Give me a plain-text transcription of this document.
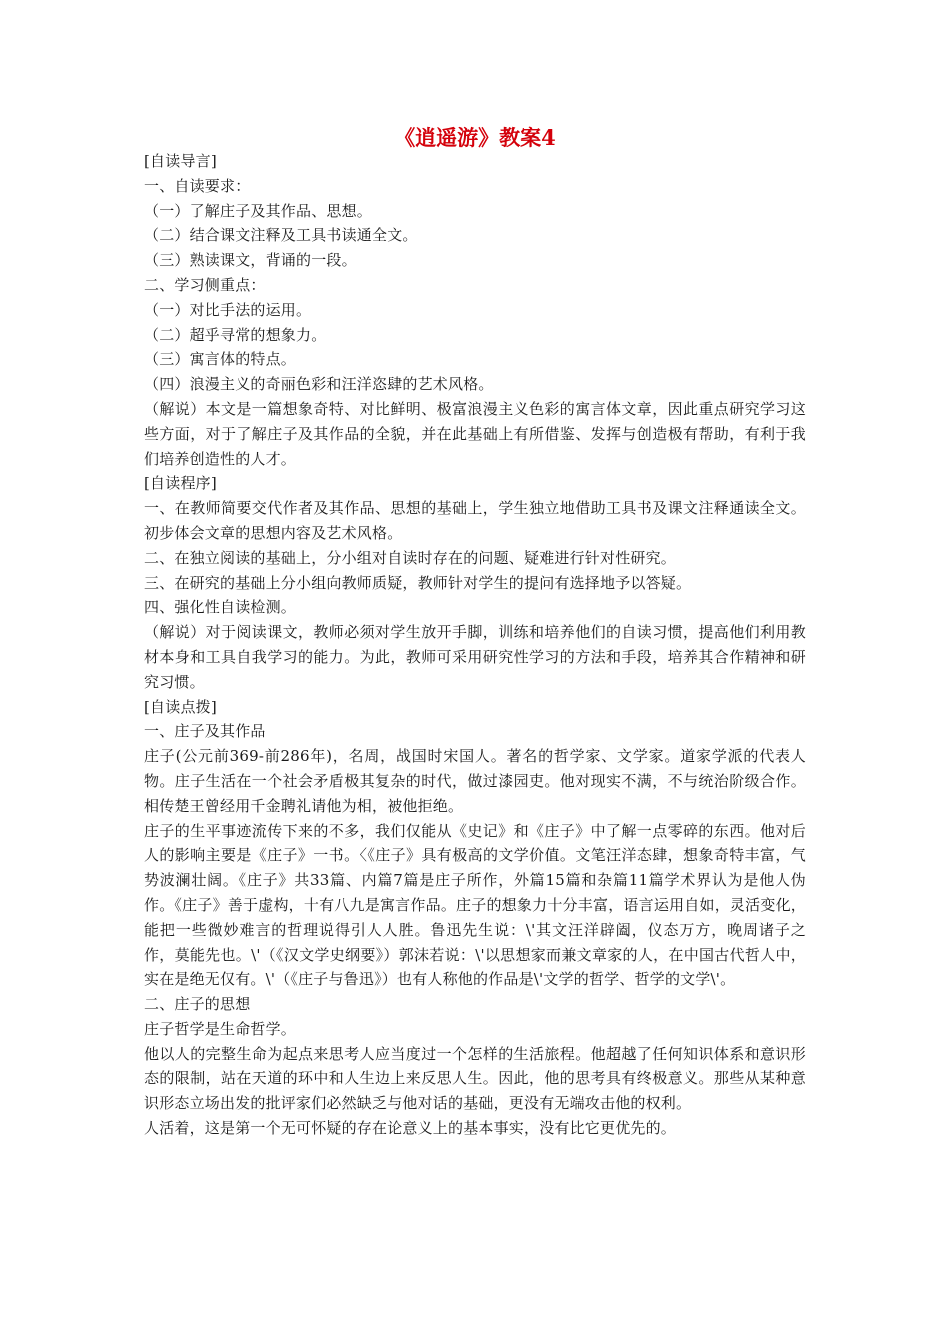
《逍遥游》教案4

[自读导言]

一、自读要求：

（一）了解庄子及其作品、思想。

（二）结合课文注释及工具书读通全文。

（三）熟读课文，背诵的一段。

二、学习侧重点：

（一）对比手法的运用。

（二）超乎寻常的想象力。

（三）寓言体的特点。

（四）浪漫主义的奇丽色彩和汪洋恣肆的艺术风格。

（解说）本文是一篇想象奇特、对比鲜明、极富浪漫主义色彩的寓言体文章，因此重点研究学习这些方面，对于了解庄子及其作品的全貌，并在此基础上有所借鉴、发挥与创造极有帮助，有利于我们培养创造性的人才。

[自读程序]

一、在教师简要交代作者及其作品、思想的基础上，学生独立地借助工具书及课文注释通读全文。初步体会文章的思想内容及艺术风格。

二、在独立阅读的基础上，分小组对自读时存在的问题、疑难进行针对性研究。

三、在研究的基础上分小组向教师质疑，教师针对学生的提问有选择地予以答疑。

四、强化性自读检测。

（解说）对于阅读课文，教师必须对学生放开手脚，训练和培养他们的自读习惯，提高他们利用教材本身和工具自我学习的能力。为此，教师可采用研究性学习的方法和手段，培养其合作精神和研究习惯。

[自读点拨]

一、庄子及其作品

庄子(公元前369-前286年)，名周，战国时宋国人。著名的哲学家、文学家。道家学派的代表人物。庄子生活在一个社会矛盾极其复杂的时代，做过漆园吏。他对现实不满，不与统治阶级合作。相传楚王曾经用千金聘礼请他为相，被他拒绝。

庄子的生平事迹流传下来的不多，我们仅能从《史记》和《庄子》中了解一点零碎的东西。他对后人的影响主要是《庄子》一书。〈《庄子》具有极高的文学价值。文笔汪洋态肆，想象奇特丰富，气势波澜壮阔。《庄子》共33篇、内篇7篇是庄子所作，外篇15篇和杂篇11篇学术界认为是他人伪作。《庄子》善于虚构，十有八九是寓言作品。庄子的想象力十分丰富，语言运用自如，灵活变化，能把一些微妙难言的哲理说得引人人胜。鲁迅先生说：\'其文汪洋辟阖，仪态万方，晚周诸子之作，莫能先也。\'（《汉文学史纲要》）郭沫若说：\'以思想家而兼文章家的人，在中国古代哲人中，实在是绝无仅有。\'（《庄子与鲁迅》）也有人称他的作品是\'文学的哲学、哲学的文学\'。

二、庄子的思想

庄子哲学是生命哲学。

他以人的完整生命为起点来思考人应当度过一个怎样的生活旅程。他超越了任何知识体系和意识形态的限制，站在天道的环中和人生边上来反思人生。因此，他的思考具有终极意义。那些从某种意识形态立场出发的批评家们必然缺乏与他对话的基础，更没有无端攻击他的权利。

人活着，这是第一个无可怀疑的存在论意义上的基本事实，没有比它更优先的。
